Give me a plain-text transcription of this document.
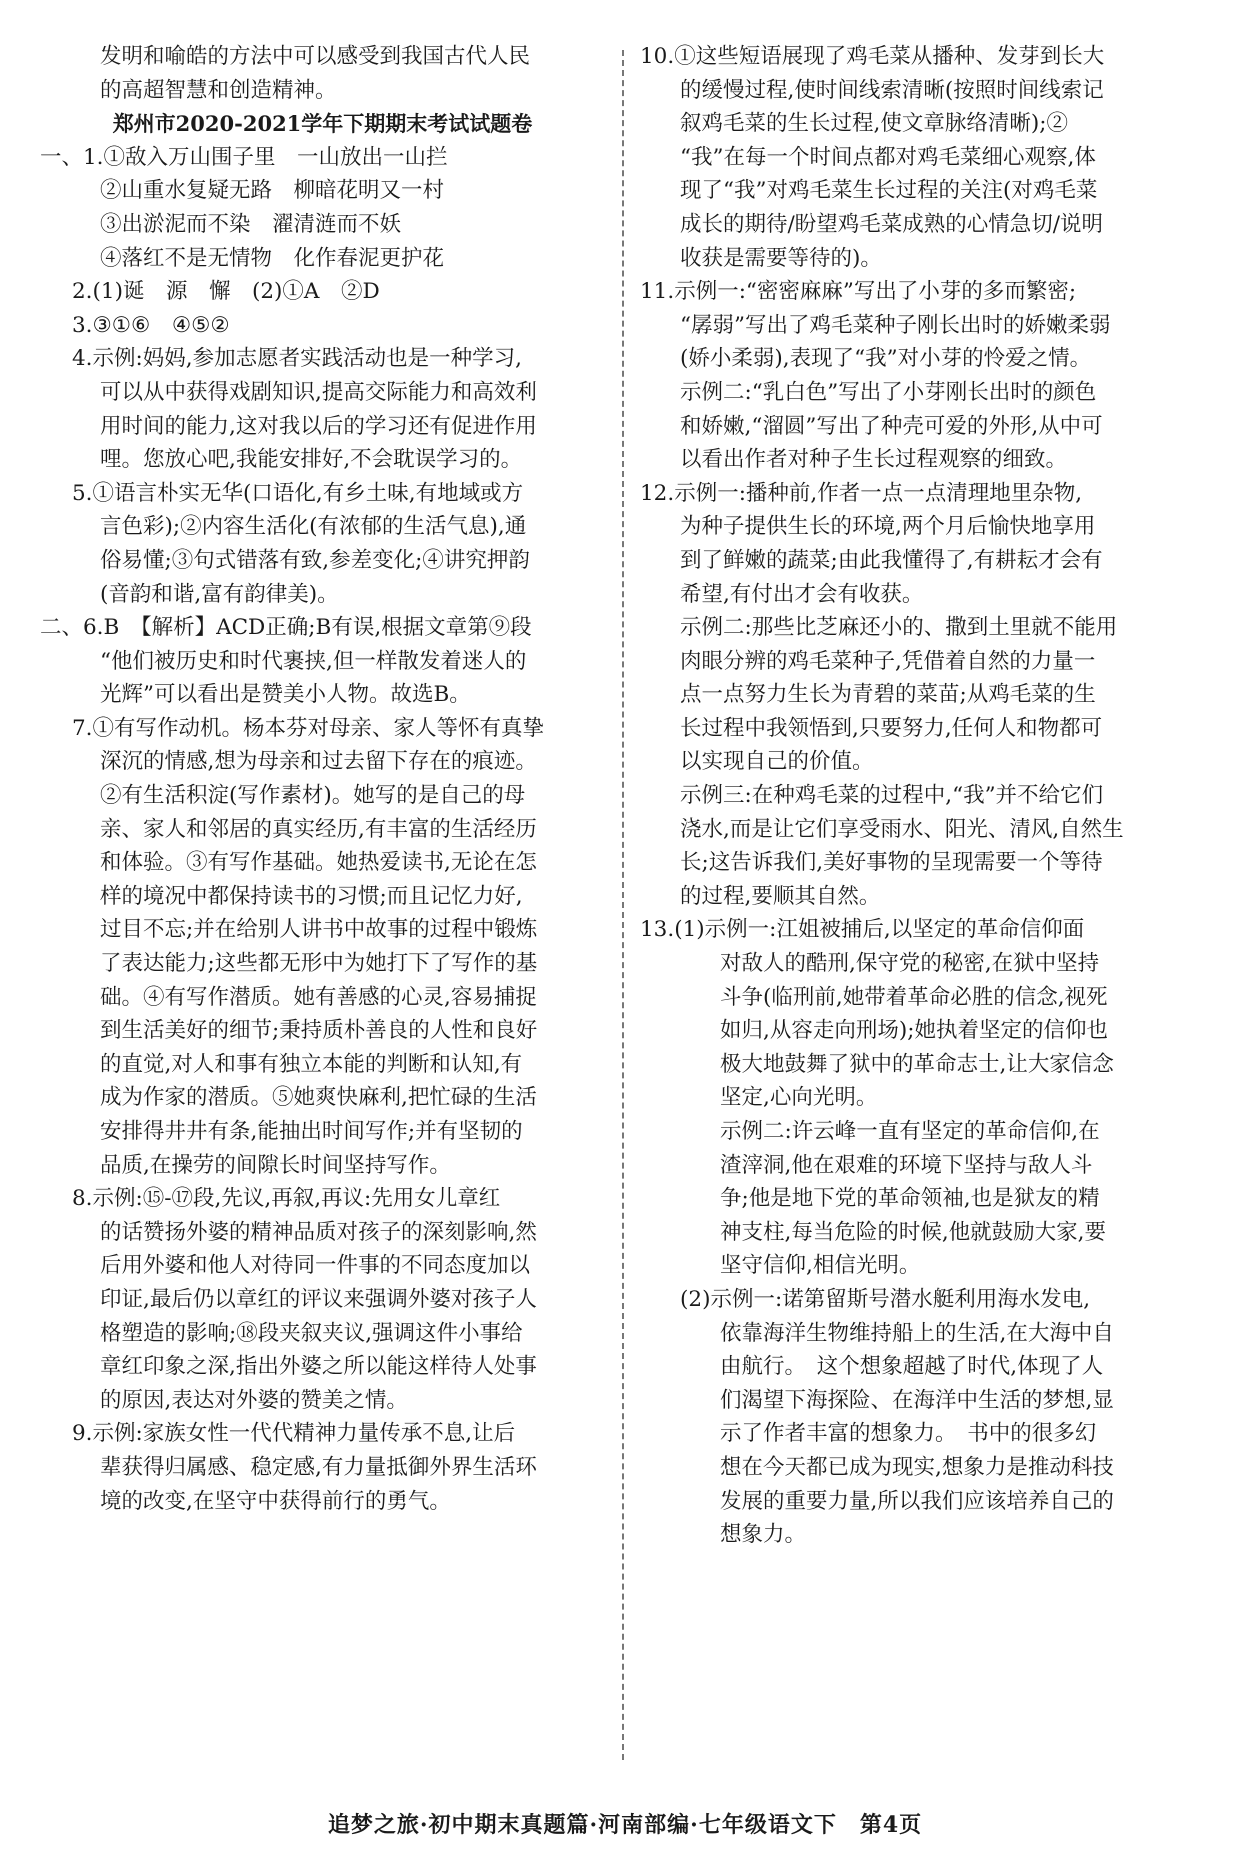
发明和喻皓的方法中可以感受到我国古代人民
的高超智慧和创造精神。
郑州市2020-2021学年下期期末考试试题卷
一、1.①敌入万山围子里　一山放出一山拦
②山重水复疑无路　柳暗花明又一村
③出淤泥而不染　濯清涟而不妖
④落红不是无情物　化作春泥更护花
2.(1)诞　源　懈　(2)①A　②D
3.③①⑥　④⑤②
4.示例:妈妈,参加志愿者实践活动也是一种学习,
可以从中获得戏剧知识,提高交际能力和高效利
用时间的能力,这对我以后的学习还有促进作用
哩。您放心吧,我能安排好,不会耽误学习的。
5.①语言朴实无华(口语化,有乡土味,有地域或方
言色彩);②内容生活化(有浓郁的生活气息),通
俗易懂;③句式错落有致,参差变化;④讲究押韵
(音韵和谐,富有韵律美)。
二、6.B　【解析】ACD正确;B有误,根据文章第⑨段
“他们被历史和时代裹挟,但一样散发着迷人的
光辉”可以看出是赞美小人物。故选B。
7.①有写作动机。杨本芬对母亲、家人等怀有真挚
深沉的情感,想为母亲和过去留下存在的痕迹。
②有生活积淀(写作素材)。她写的是自己的母
亲、家人和邻居的真实经历,有丰富的生活经历
和体验。③有写作基础。她热爱读书,无论在怎
样的境况中都保持读书的习惯;而且记忆力好,
过目不忘;并在给别人讲书中故事的过程中锻炼
了表达能力;这些都无形中为她打下了写作的基
础。④有写作潜质。她有善感的心灵,容易捕捉
到生活美好的细节;秉持质朴善良的人性和良好
的直觉,对人和事有独立本能的判断和认知,有
成为作家的潜质。⑤她爽快麻利,把忙碌的生活
安排得井井有条,能抽出时间写作;并有坚韧的
品质,在操劳的间隙长时间坚持写作。
8.示例:⑮-⑰段,先议,再叙,再议:先用女儿章红
的话赞扬外婆的精神品质对孩子的深刻影响,然
后用外婆和他人对待同一件事的不同态度加以
印证,最后仍以章红的评议来强调外婆对孩子人
格塑造的影响;⑱段夹叙夹议,强调这件小事给
章红印象之深,指出外婆之所以能这样待人处事
的原因,表达对外婆的赞美之情。
9.示例:家族女性一代代精神力量传承不息,让后
辈获得归属感、稳定感,有力量抵御外界生活环
境的改变,在坚守中获得前行的勇气。
10.①这些短语展现了鸡毛菜从播种、发芽到长大
的缓慢过程,使时间线索清晰(按照时间线索记
叙鸡毛菜的生长过程,使文章脉络清晰);②
“我”在每一个时间点都对鸡毛菜细心观察,体
现了“我”对鸡毛菜生长过程的关注(对鸡毛菜
成长的期待/盼望鸡毛菜成熟的心情急切/说明
收获是需要等待的)。
11.示例一:“密密麻麻”写出了小芽的多而繁密;
“孱弱”写出了鸡毛菜种子刚长出时的娇嫩柔弱
(娇小柔弱),表现了“我”对小芽的怜爱之情。
示例二:“乳白色”写出了小芽刚长出时的颜色
和娇嫩,“溜圆”写出了种壳可爱的外形,从中可
以看出作者对种子生长过程观察的细致。
12.示例一:播种前,作者一点一点清理地里杂物,
为种子提供生长的环境,两个月后愉快地享用
到了鲜嫩的蔬菜;由此我懂得了,有耕耘才会有
希望,有付出才会有收获。
示例二:那些比芝麻还小的、撒到土里就不能用
肉眼分辨的鸡毛菜种子,凭借着自然的力量一
点一点努力生长为青碧的菜苗;从鸡毛菜的生
长过程中我领悟到,只要努力,任何人和物都可
以实现自己的价值。
示例三:在种鸡毛菜的过程中,“我”并不给它们
浇水,而是让它们享受雨水、阳光、清风,自然生
长;这告诉我们,美好事物的呈现需要一个等待
的过程,要顺其自然。
13.(1)示例一:江姐被捕后,以坚定的革命信仰面
对敌人的酷刑,保守党的秘密,在狱中坚持
斗争(临刑前,她带着革命必胜的信念,视死
如归,从容走向刑场);她执着坚定的信仰也
极大地鼓舞了狱中的革命志士,让大家信念
坚定,心向光明。
示例二:许云峰一直有坚定的革命信仰,在
渣滓洞,他在艰难的环境下坚持与敌人斗
争;他是地下党的革命领袖,也是狱友的精
神支柱,每当危险的时候,他就鼓励大家,要
坚守信仰,相信光明。
(2)示例一:诺第留斯号潜水艇利用海水发电,
依靠海洋生物维持船上的生活,在大海中自
由航行。　这个想象超越了时代,体现了人
们渴望下海探险、在海洋中生活的梦想,显
示了作者丰富的想象力。　书中的很多幻
想在今天都已成为现实,想象力是推动科技
发展的重要力量,所以我们应该培养自己的
想象力。
追梦之旅·初中期末真题篇·河南部编·七年级语文下　第4页
